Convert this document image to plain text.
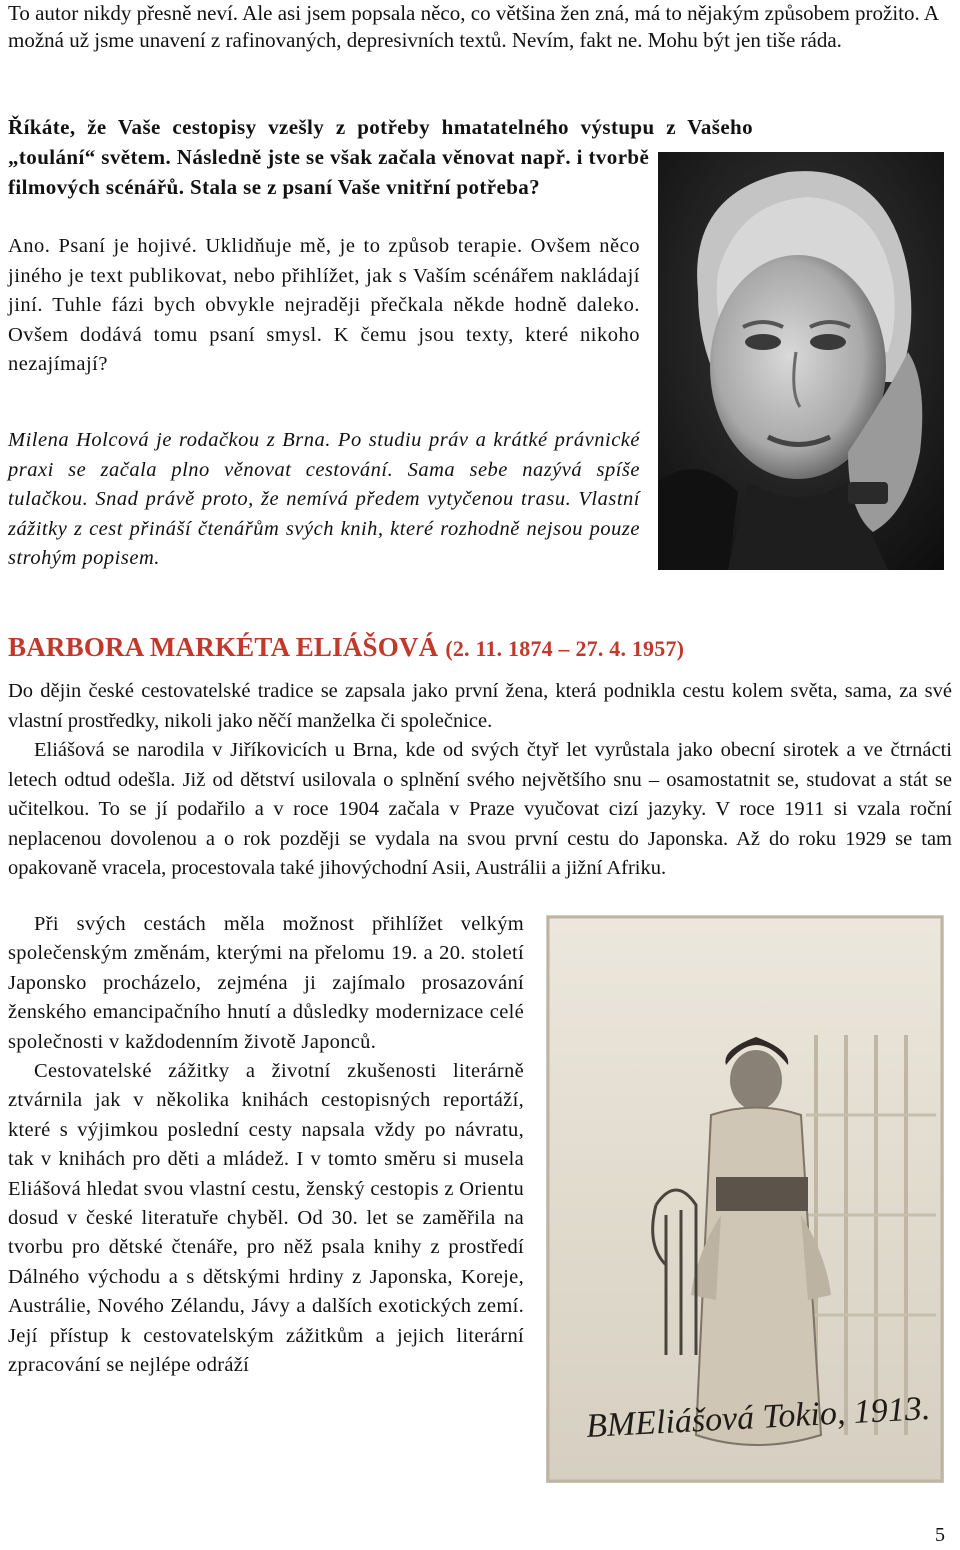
To autor nikdy přesně neví. Ale asi jsem popsala něco, co většina žen zná, má to nějakým způsobem prožito. A možná už jsme unavení z rafinovaných, depresivních textů. Nevím, fakt ne. Mohu být jen tiše ráda.
Říkáte, že Vaše cestopisy vzešly z potřeby hmatatelného výstupu z Vašeho
„toulání“ světem. Následně jste se však začala věnovat např. i tvorbě filmových scénářů. Stala se z psaní Vaše vnitřní potřeba?
Ano. Psaní je hojivé. Uklidňuje mě, je to způsob terapie. Ovšem něco jiného je text publikovat, nebo přihlížet, jak s Vaším scénářem nakládají jiní. Tuhle fázi bych obvykle nejraději přečkala někde hodně daleko. Ovšem dodává tomu psaní smysl. K čemu jsou texty, které nikoho nezajímají?
Milena Holcová je rodačkou z Brna. Po studiu práv a krátké právnické praxi se začala plno věnovat cestování. Sama sebe nazývá spíše tulačkou. Snad právě proto, že nemívá předem vytyčenou trasu. Vlastní zážitky z cest přináší čtenářům svých knih, které rozhodně nejsou pouze strohým popisem.
BARBORA MARKÉTA ELIÁŠOVÁ (2. 11. 1874 – 27. 4. 1957)

Do dějin české cestovatelské tradice se zapsala jako první žena, která podnikla cestu kolem světa, sama, za své vlastní prostředky, nikoli jako něčí manželka či společnice.

Eliášová se narodila v Jiříkovicích u Brna, kde od svých čtyř let vyrůstala jako obecní sirotek a ve čtrnácti letech odtud odešla. Již od dětství usilovala o splnění svého největšího snu – osamostatnit se, studovat a stát se učitelkou. To se jí podařilo a v roce 1904 začala v Praze vyučovat cizí jazyky. V roce 1911 si vzala roční neplacenou dovolenou a o rok později se vydala na svou první cestu do Japonska. Až do roku 1929 se tam opakovaně vracela, procestovala také jihovýchodní Asii, Austrálii a jižní Afriku.

Při svých cestách měla možnost přihlížet velkým společenským změnám, kterými na přelomu 19. a 20. století Japonsko procházelo, zejména ji zajímalo prosazování ženského emancipačního hnutí a důsledky modernizace celé společnosti v každodenním životě Japonců.

Cestovatelské zážitky a životní zkušenosti literárně ztvárnila jak v několika knihách cestopisných reportáží, které s výjimkou poslední cesty napsala vždy po návratu, tak v knihách pro děti a mládež. I v tomto směru si musela Eliášová hledat svou vlastní cestu, ženský cestopis z Orientu dosud v české literatuře chyběl. Od 30. let se zaměřila na tvorbu pro dětské čtenáře, pro něž psala knihy z prostředí Dálného východu a s dětskými hrdiny z Japonska, Koreje, Austrálie, Nového Zélandu, Jávy a dalších exotických zemí. Její přístup k cestovatelským zážitkům a jejich literární zpracování se nejlépe odráží

BMEliášová Tokio, 1913.
5
